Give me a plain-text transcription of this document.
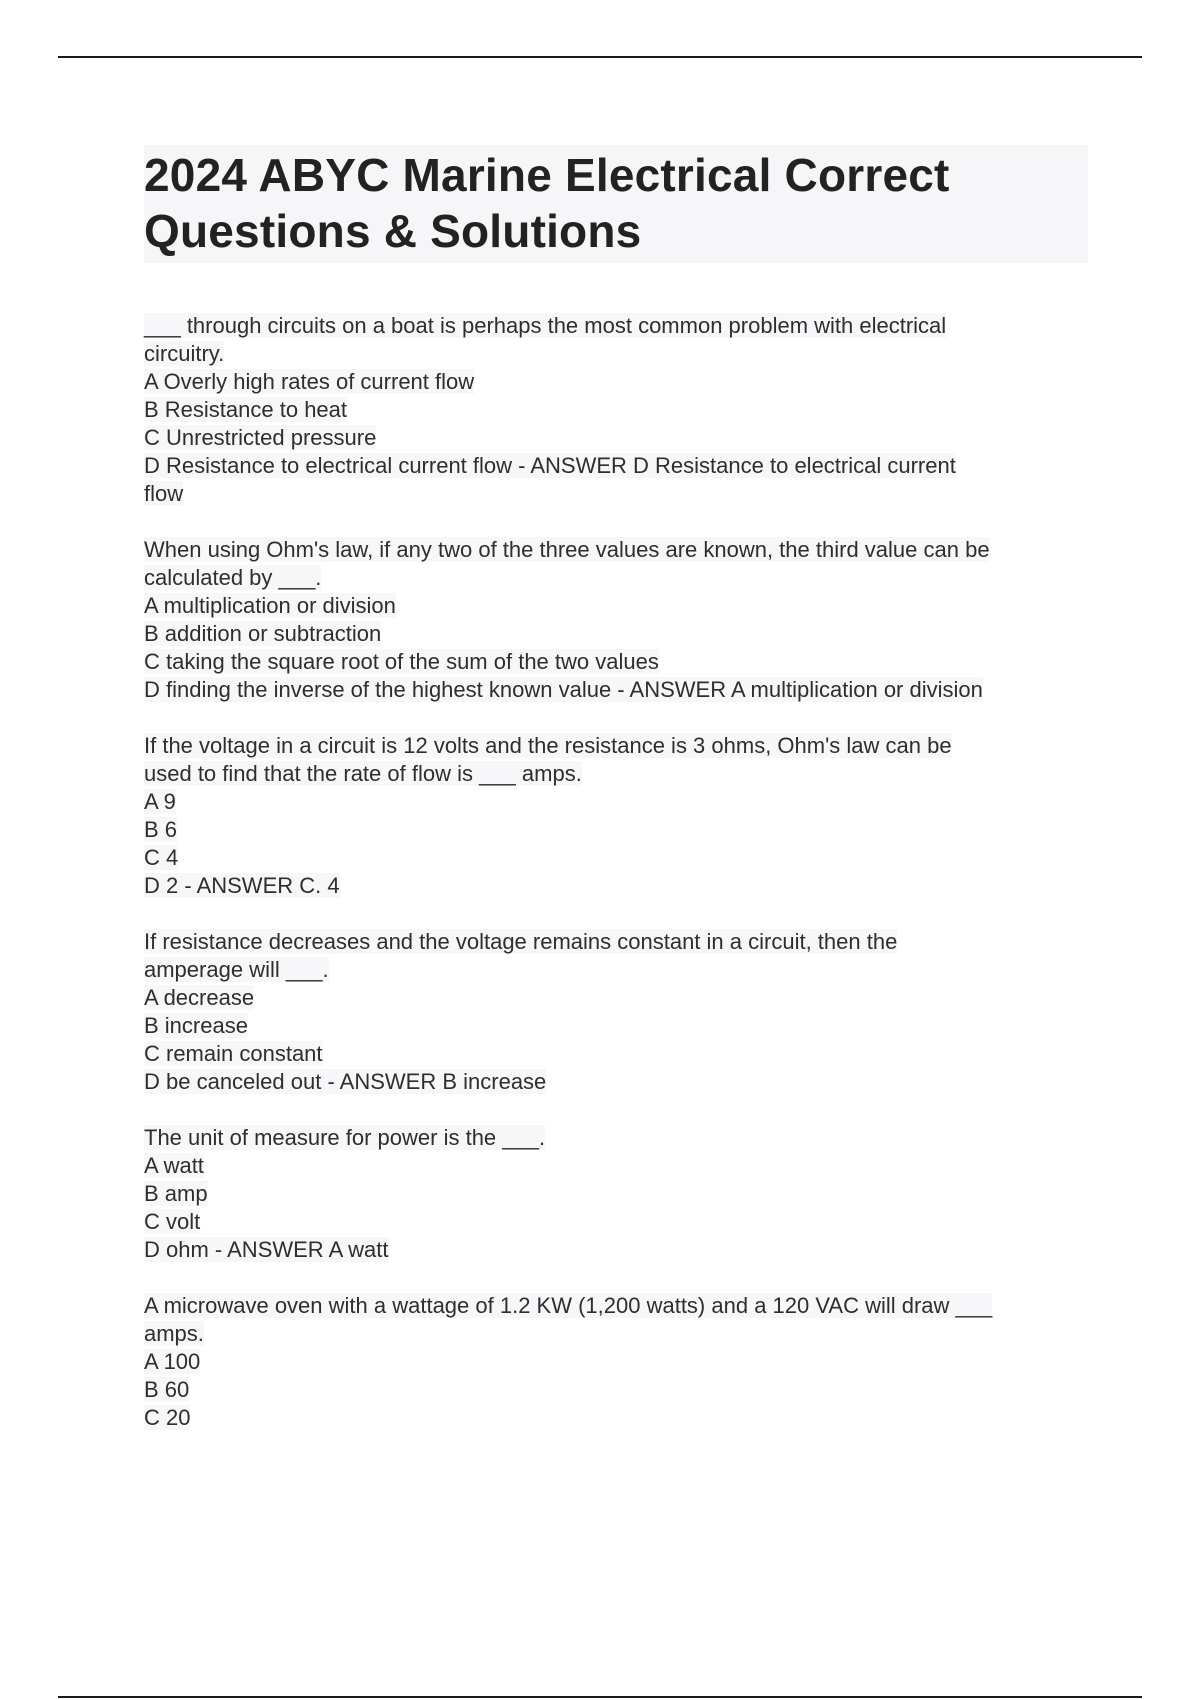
2024 ABYC Marine Electrical Correct
Questions & Solutions
___ through circuits on a boat is perhaps the most common problem with electrical
circuitry.
A Overly high rates of current flow
B Resistance to heat
C Unrestricted pressure
D Resistance to electrical current flow - ANSWER D Resistance to electrical current
flow
When using Ohm's law, if any two of the three values are known, the third value can be
calculated by ___.
A multiplication or division
B addition or subtraction
C taking the square root of the sum of the two values
D finding the inverse of the highest known value - ANSWER A multiplication or division
If the voltage in a circuit is 12 volts and the resistance is 3 ohms, Ohm's law can be
used to find that the rate of flow is ___ amps.
A 9
B 6
C 4
D 2 - ANSWER C. 4
If resistance decreases and the voltage remains constant in a circuit, then the
amperage will ___.
A decrease
B increase
C remain constant
D be canceled out - ANSWER B increase
The unit of measure for power is the ___.
A watt
B amp
C volt
D ohm - ANSWER A watt
A microwave oven with a wattage of 1.2 KW (1,200 watts) and a 120 VAC will draw ___
amps.
A 100
B 60
C 20
